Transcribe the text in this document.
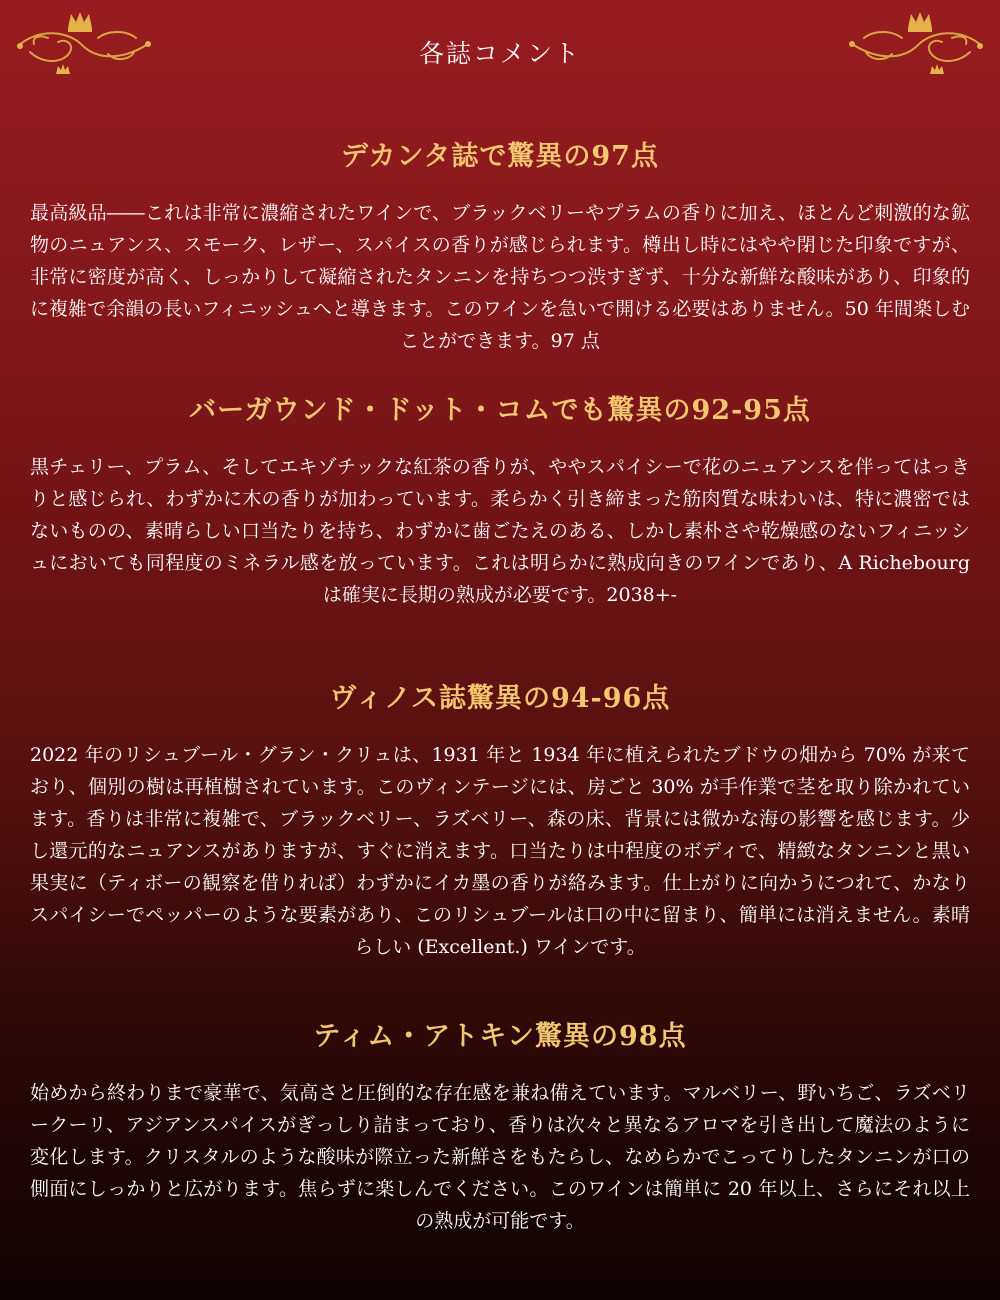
各誌コメント
デカンタ誌で驚異の97点

最高級品――これは非常に濃縮されたワインで、ブラックベリーやプラムの香りに加え、ほとんど刺激的な鉱物のニュアンス、スモーク、レザー、スパイスの香りが感じられます。樽出し時にはやや閉じた印象ですが、非常に密度が高く、しっかりして凝縮されたタンニンを持ちつつ渋すぎず、十分な新鮮な酸味があり、印象的に複雑で余韻の長いフィニッシュへと導きます。このワインを急いで開ける必要はありません。50 年間楽しむことができます。97 点

バーガウンド・ドット・コムでも驚異の92-95点

黒チェリー、プラム、そしてエキゾチックな紅茶の香りが、ややスパイシーで花のニュアンスを伴ってはっきりと感じられ、わずかに木の香りが加わっています。柔らかく引き締まった筋肉質な味わいは、特に濃密ではないものの、素晴らしい口当たりを持ち、わずかに歯ごたえのある、しかし素朴さや乾燥感のないフィニッシュにおいても同程度のミネラル感を放っています。これは明らかに熟成向きのワインであり、A Richebourg は確実に長期の熟成が必要です。2038+-

ヴィノス誌驚異の94-96点

2022 年のリシュブール・グラン・クリュは、1931 年と 1934 年に植えられたブドウの畑から 70% が来ており、個別の樹は再植樹されています。このヴィンテージには、房ごと 30% が手作業で茎を取り除かれています。香りは非常に複雑で、ブラックベリー、ラズベリー、森の床、背景には微かな海の影響を感じます。少し還元的なニュアンスがありますが、すぐに消えます。口当たりは中程度のボディで、精緻なタンニンと黒い果実に（ティボーの観察を借りれば）わずかにイカ墨の香りが絡みます。仕上がりに向かうにつれて、かなりスパイシーでペッパーのような要素があり、このリシュブールは口の中に留まり、簡単には消えません。素晴らしい (Excellent.) ワインです。

ティム・アトキン驚異の98点

始めから終わりまで豪華で、気高さと圧倒的な存在感を兼ね備えています。マルベリー、野いちご、ラズベリークーリ、アジアンスパイスがぎっしり詰まっており、香りは次々と異なるアロマを引き出して魔法のように変化します。クリスタルのような酸味が際立った新鮮さをもたらし、なめらかでこってりしたタンニンが口の側面にしっかりと広がります。焦らずに楽しんでください。このワインは簡単に 20 年以上、さらにそれ以上の熟成が可能です。
